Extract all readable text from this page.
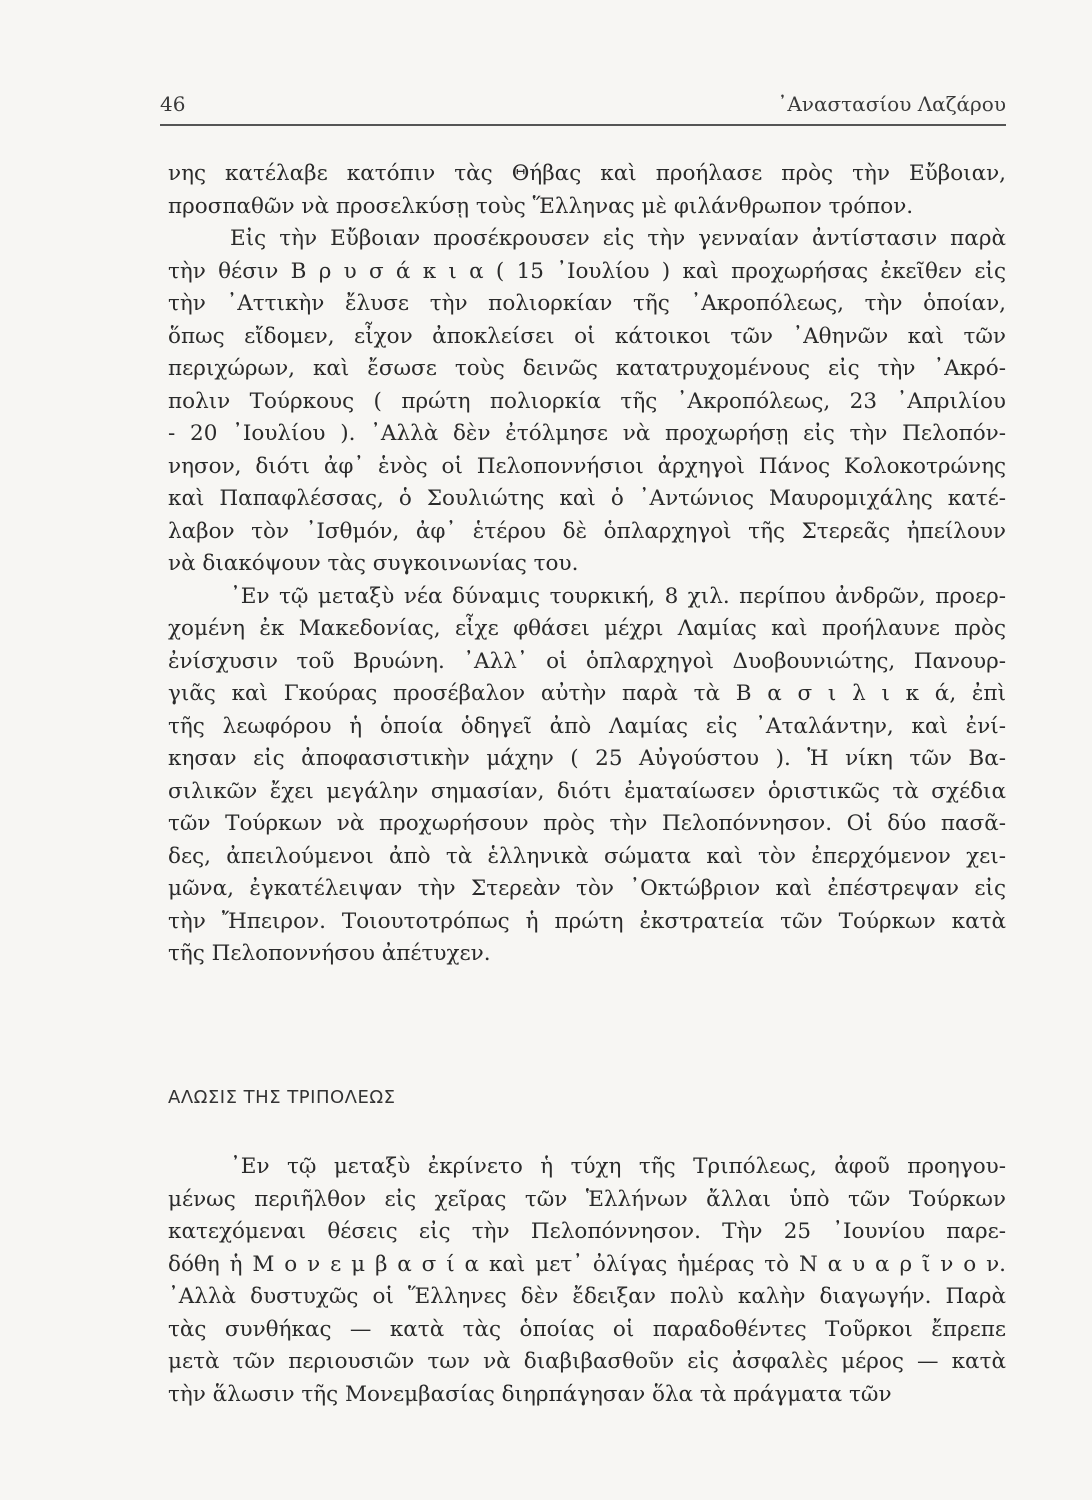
46	᾿Αναστασίου Λαζάρου
νης κατέλαβε κατόπιν τὰς Θήβας καὶ προήλασε πρὸς τὴν Εὔβοιαν,
προσπαθῶν νὰ προσελκύσῃ τοὺς Ἕλληνας μὲ φιλάνθρωπον τρόπον.
Εἰς τὴν Εὔβοιαν προσέκρουσεν εἰς τὴν γενναίαν ἀντίστασιν παρὰ
τὴν θέσιν Β ρ υ σ ά κ ι α ( 15 ᾿Ιουλίου ) καὶ προχωρήσας ἐκεῖθεν εἰς
τὴν ᾿Αττικὴν ἔλυσε τὴν πολιορκίαν τῆς ᾿Ακροπόλεως, τὴν ὁποίαν,
ὅπως εἴδομεν, εἶχον ἀποκλείσει οἱ κάτοικοι τῶν ᾿Αθηνῶν καὶ τῶν
περιχώρων, καὶ ἔσωσε τοὺς δεινῶς κατατρυχομένους εἰς τὴν ᾿Ακρό-
πολιν Τούρκους ( πρώτη πολιορκία τῆς ᾿Ακροπόλεως, 23 ᾿Απριλίου
- 20 ᾿Ιουλίου ). ᾿Αλλὰ δὲν ἐτόλμησε νὰ προχωρήσῃ εἰς τὴν Πελοπόν-
νησον, διότι ἀφ᾿ ἑνὸς οἱ Πελοποννήσιοι ἀρχηγοὶ Πάνος Κολοκοτρώνης
καὶ Παπαφλέσσας, ὁ Σουλιώτης καὶ ὁ ᾿Αντώνιος Μαυρομιχάλης κατέ-
λαβον τὸν ᾿Ισθμόν, ἀφ᾿ ἑτέρου δὲ ὁπλαρχηγοὶ τῆς Στερεᾶς ἠπείλουν
νὰ διακόψουν τὰς συγκοινωνίας του.
᾿Εν τῷ μεταξὺ νέα δύναμις τουρκική, 8 χιλ. περίπου ἀνδρῶν, προερ-
χομένη ἐκ Μακεδονίας, εἶχε φθάσει μέχρι Λαμίας καὶ προήλαυνε πρὸς
ἐνίσχυσιν τοῦ Βρυώνη. ᾿Αλλ᾿ οἱ ὁπλαρχηγοὶ Δυοβουνιώτης, Πανουρ-
γιᾶς καὶ Γκούρας προσέβαλον αὐτὴν παρὰ τὰ Β α σ ι λ ι κ ά, ἐπὶ
τῆς λεωφόρου ἡ ὁποία ὁδηγεῖ ἀπὸ Λαμίας εἰς ᾿Αταλάντην, καὶ ἐνί-
κησαν εἰς ἀποφασιστικὴν μάχην ( 25 Αὐγούστου ). Ἡ νίκη τῶν Βα-
σιλικῶν ἔχει μεγάλην σημασίαν, διότι ἐματαίωσεν ὁριστικῶς τὰ σχέδια
τῶν Τούρκων νὰ προχωρήσουν πρὸς τὴν Πελοπόννησον. Οἱ δύο πασᾶ-
δες, ἀπειλούμενοι ἀπὸ τὰ ἑλληνικὰ σώματα καὶ τὸν ἐπερχόμενον χει-
μῶνα, ἐγκατέλειψαν τὴν Στερεὰν τὸν ᾿Οκτώβριον καὶ ἐπέστρεψαν εἰς
τὴν Ἤπειρον. Τοιουτοτρόπως ἡ πρώτη ἐκστρατεία τῶν Τούρκων κατὰ
τῆς Πελοποννήσου ἀπέτυχεν.
ΑΛΩΣΙΣ ΤΗΣ ΤΡΙΠΟΛΕΩΣ
᾿Εν τῷ μεταξὺ ἐκρίνετο ἡ τύχη τῆς Τριπόλεως, ἀφοῦ προηγου-
μένως περιῆλθον εἰς χεῖρας τῶν Ἑλλήνων ἄλλαι ὑπὸ τῶν Τούρκων
κατεχόμεναι θέσεις εἰς τὴν Πελοπόννησον. Τὴν 25 ᾿Ιουνίου παρε-
δόθη ἡ Μ ο ν ε μ β α σ ί α καὶ μετ᾿ ὀλίγας ἡμέρας τὸ Ν α υ α ρ ῖ ν ο ν.
᾿Αλλὰ δυστυχῶς οἱ Ἕλληνες δὲν ἔδειξαν πολὺ καλὴν διαγωγήν. Παρὰ
τὰς συνθήκας — κατὰ τὰς ὁποίας οἱ παραδοθέντες Τοῦρκοι ἔπρεπε
μετὰ τῶν περιουσιῶν των νὰ διαβιβασθοῦν εἰς ἀσφαλὲς μέρος — κατὰ
τὴν ἅλωσιν τῆς Μονεμβασίας διηρπάγησαν ὅλα τὰ πράγματα τῶν
